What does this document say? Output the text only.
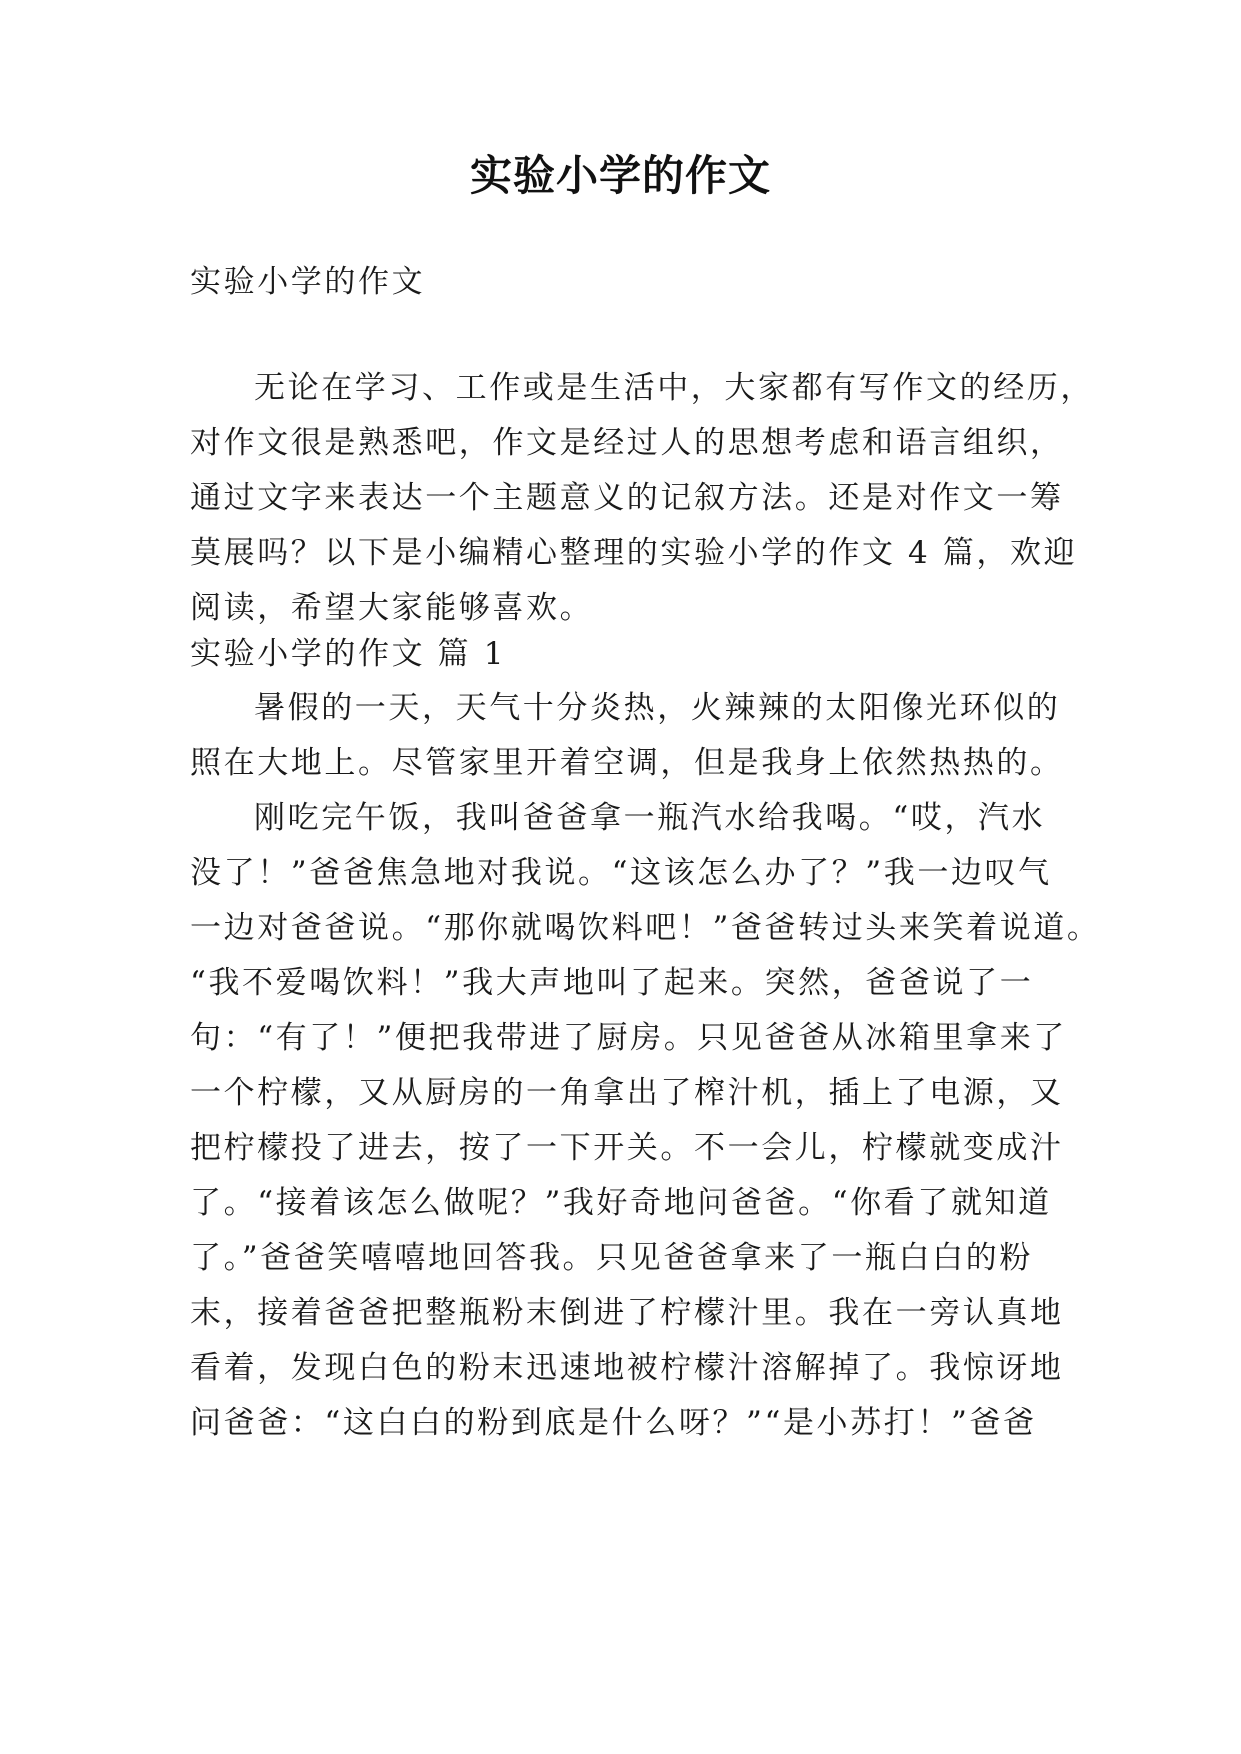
实验小学的作文
实验小学的作文
无论在学习、工作或是生活中，大家都有写作文的经历，
对作文很是熟悉吧，作文是经过人的思想考虑和语言组织，
通过文字来表达一个主题意义的记叙方法。还是对作文一筹
莫展吗？以下是小编精心整理的实验小学的作文 4 篇，欢迎
阅读，希望大家能够喜欢。
实验小学的作文 篇 1
暑假的一天，天气十分炎热，火辣辣的太阳像光环似的
照在大地上。尽管家里开着空调，但是我身上依然热热的。
刚吃完午饭，我叫爸爸拿一瓶汽水给我喝。“哎，汽水
没了！”爸爸焦急地对我说。“这该怎么办了？”我一边叹气
一边对爸爸说。“那你就喝饮料吧！”爸爸转过头来笑着说道。
“我不爱喝饮料！”我大声地叫了起来。突然，爸爸说了一
句：“有了！”便把我带进了厨房。只见爸爸从冰箱里拿来了
一个柠檬，又从厨房的一角拿出了榨汁机，插上了电源，又
把柠檬投了进去，按了一下开关。不一会儿，柠檬就变成汁
了。“接着该怎么做呢？”我好奇地问爸爸。“你看了就知道
了。”爸爸笑嘻嘻地回答我。只见爸爸拿来了一瓶白白的粉
末，接着爸爸把整瓶粉末倒进了柠檬汁里。我在一旁认真地
看着，发现白色的粉末迅速地被柠檬汁溶解掉了。我惊讶地
问爸爸：“这白白的粉到底是什么呀？”“是小苏打！”爸爸
